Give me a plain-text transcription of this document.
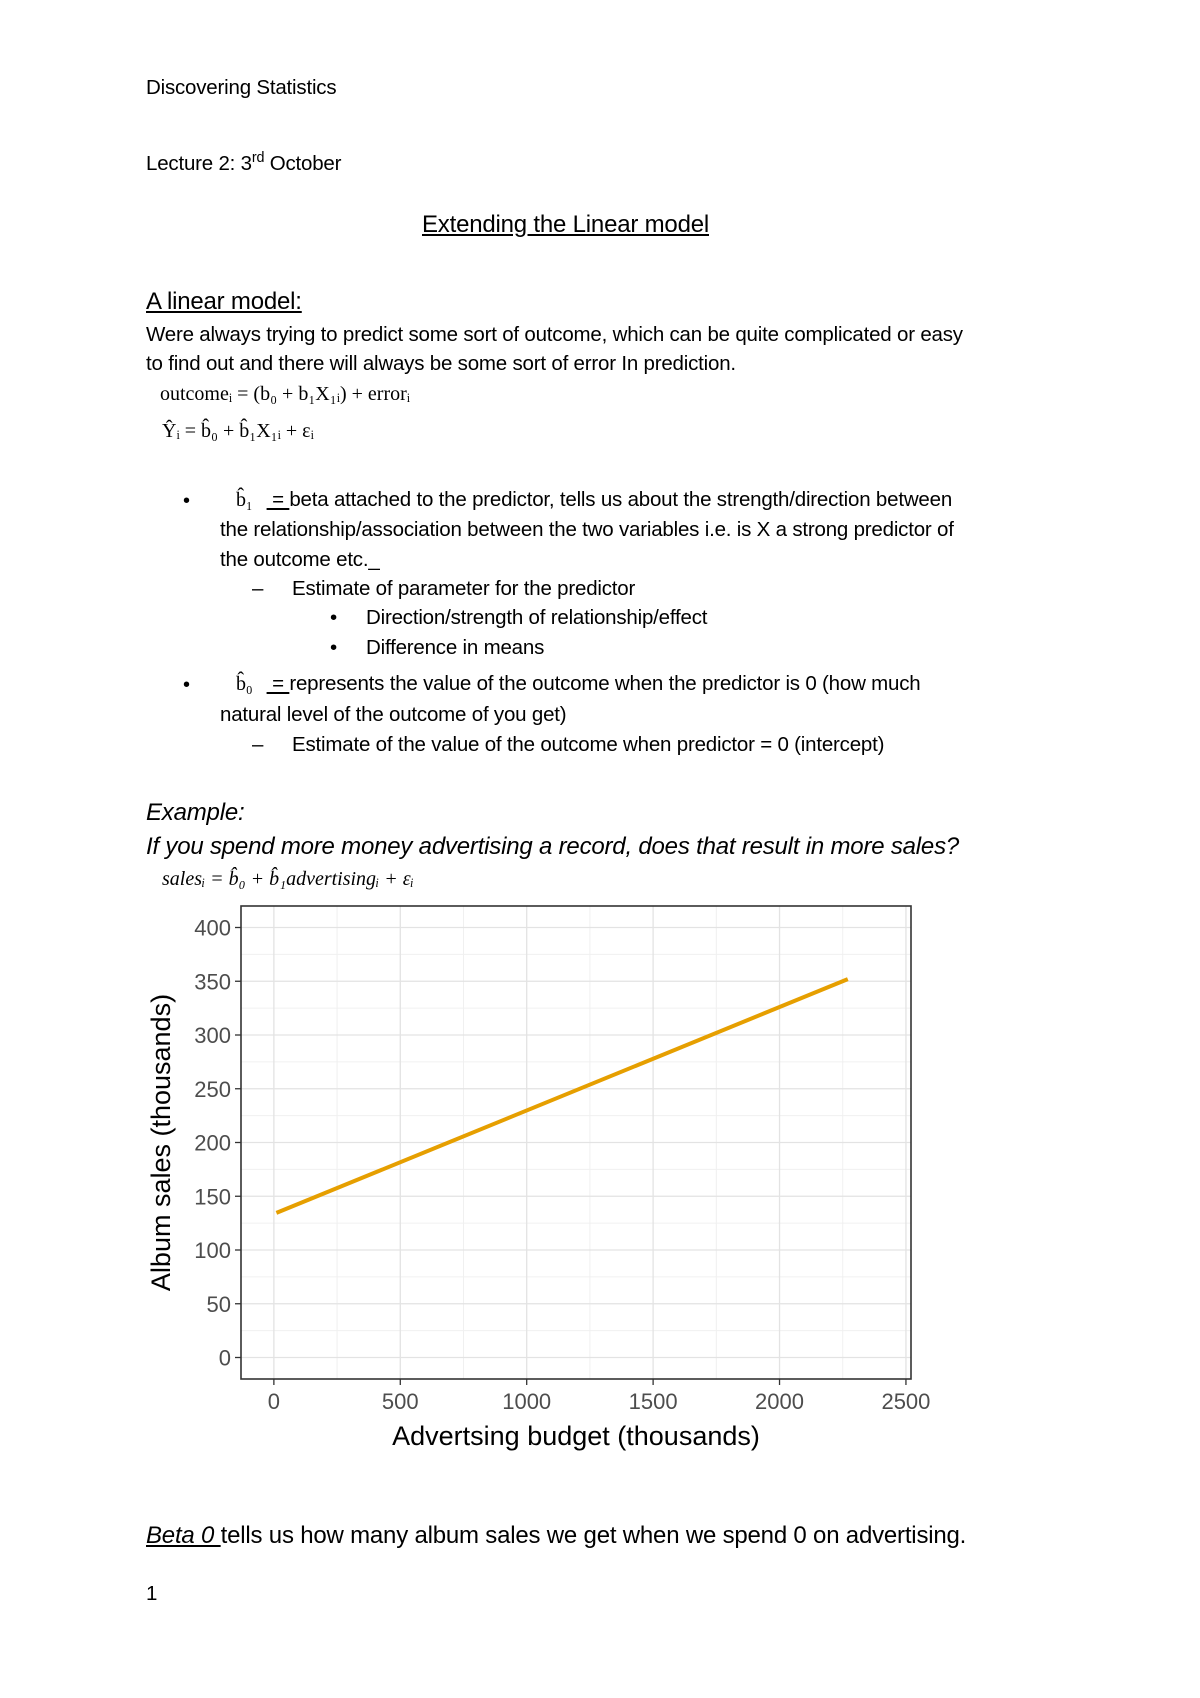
Discovering Statistics
Lecture 2: 3rd October
Extending the Linear model
A linear model:
Were always trying to predict some sort of outcome, which can be quite complicated or easy
to find out and there will always be some sort of error In prediction.
outcomeᵢ = (b₀ + b₁X₁ᵢ) + errorᵢ
Ŷᵢ = b̂₀ + b̂₁X₁ᵢ + εᵢ
• b̂₁ = beta attached to the predictor, tells us about the strength/direction between
the relationship/association between the two variables i.e. is X a strong predictor of
the outcome etc._
– Estimate of parameter for the predictor
• Direction/strength of relationship/effect
• Difference in means
• b̂₀ = represents the value of the outcome when the predictor is 0 (how much
natural level of the outcome of you get)
– Estimate of the value of the outcome when predictor = 0 (intercept)
Example:
If you spend more money advertising a record, does that result in more sales?
salesᵢ = b̂₀ + b̂₁advertisingᵢ + εᵢ
0	500	1000	1500	2000	2500
0
50
100
150
200
250
300
350
400
Advertsing budget (thousands)
Album sales (thousands)
Beta 0 tells us how many album sales we get when we spend 0 on advertising.
1
